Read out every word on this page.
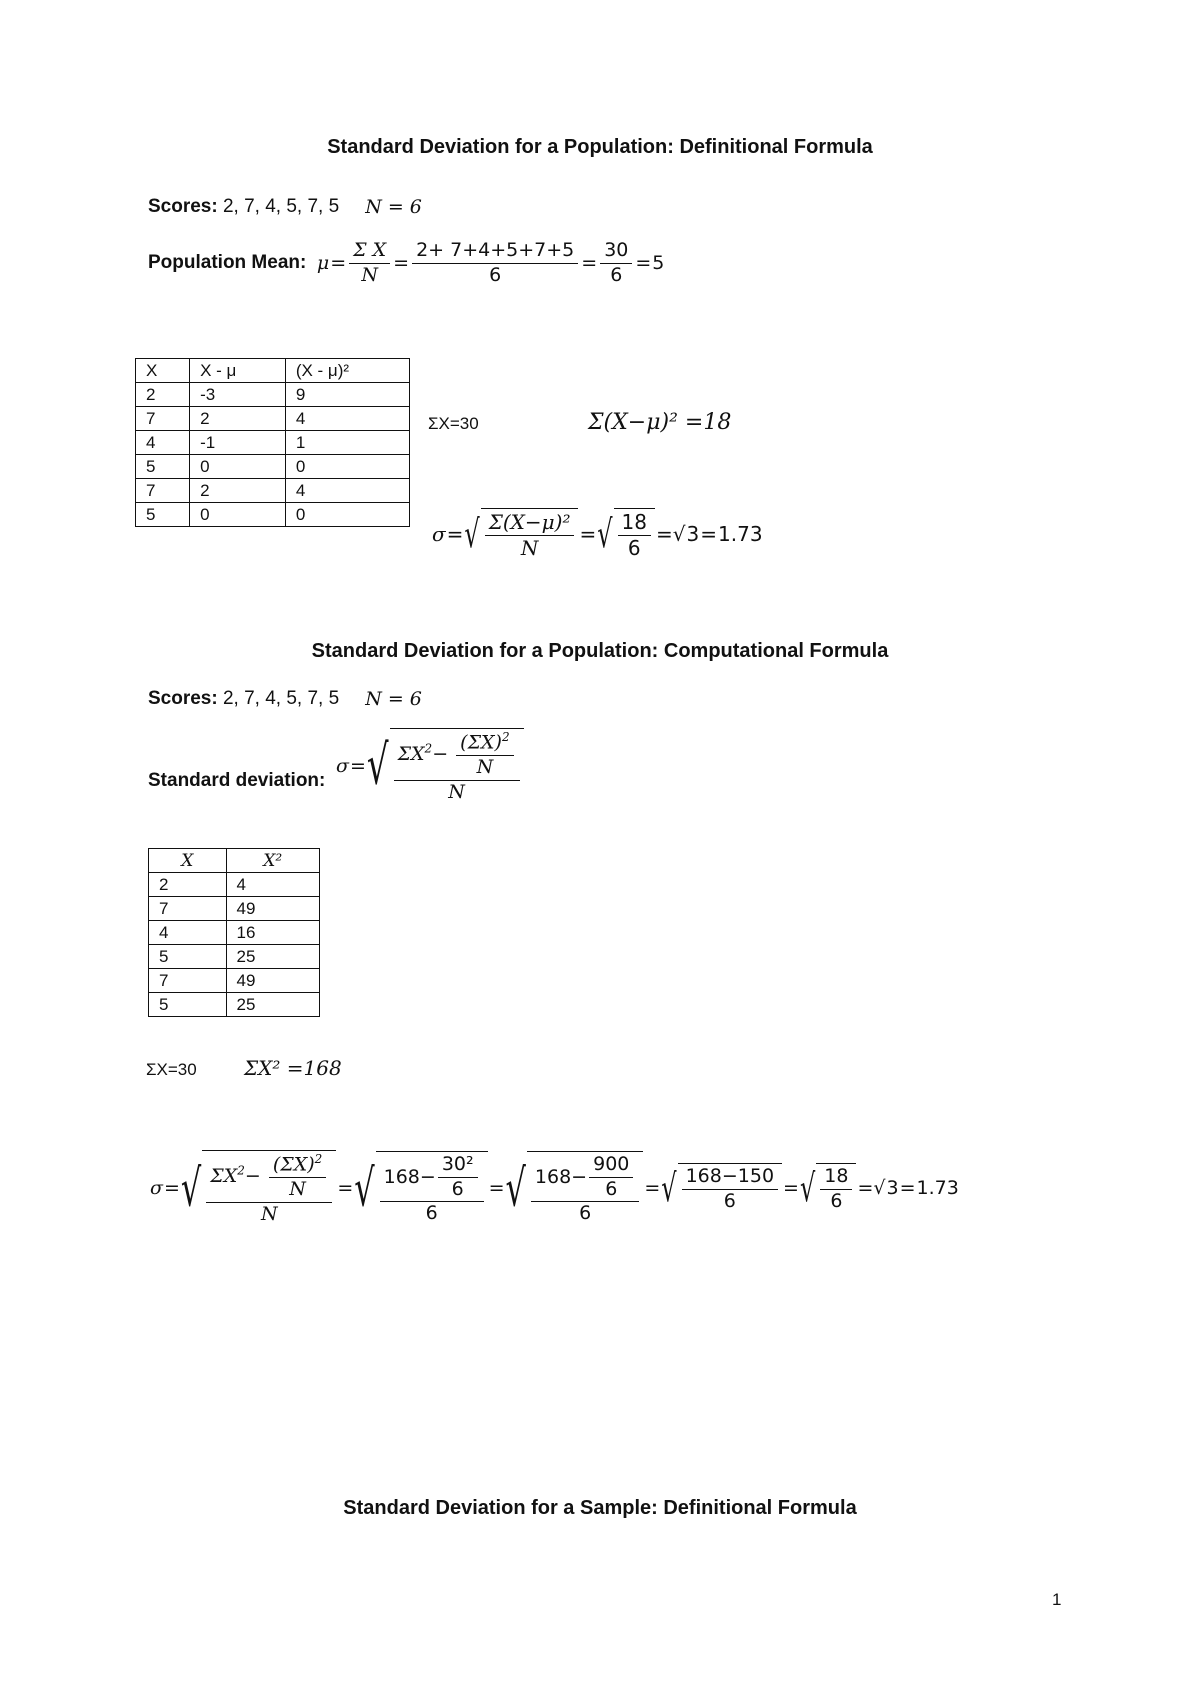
Standard Deviation for a Population: Definitional Formula
Scores:
2, 7, 4, 5, 7, 5 N = 6
Population Mean:
$\mu = \frac{\text{Σ X}}{N} = \frac{2+ 7+4+5+7+5}{6} = \frac{30}{6} = 5$
X	X - μ	(X - μ)²
2	-3	9
7	2	4
4	-1	1
5	0	0
7	2	4
5	0	0
ΣX=30	Σ(X−μ)² =18
σ = √ $\frac{\text{Σ(X−μ)²}}{N}$ = √ $\frac{18}{6}$ =√ 3 = 1.73
Standard Deviation for a Population: Computational Formula
Scores:
2, 7, 4, 5, 7, 5 N = 6
Standard deviation:
σ = √ $\frac{\Sigma X^2- \frac{(\Sigma X)^2}{N}}{N}$
X	X²
2	4
7	49
4	16
5	25
7	49
5	25
ΣX=30 ΣX² =168
σ = √ $\frac{\Sigma X^2- \frac{(\Sigma X)^2}{N}}{N}$ = √ $\frac{168- \frac{\text{30²}}{6}}{6}$ = √ $\frac{168- \frac{900}{6}}{6}$ = √ $\frac{168-150}{6}$ = √ $\frac{18}{6}$ =√ 3 = 1.73
Standard Deviation for a Sample: Definitional Formula
1
